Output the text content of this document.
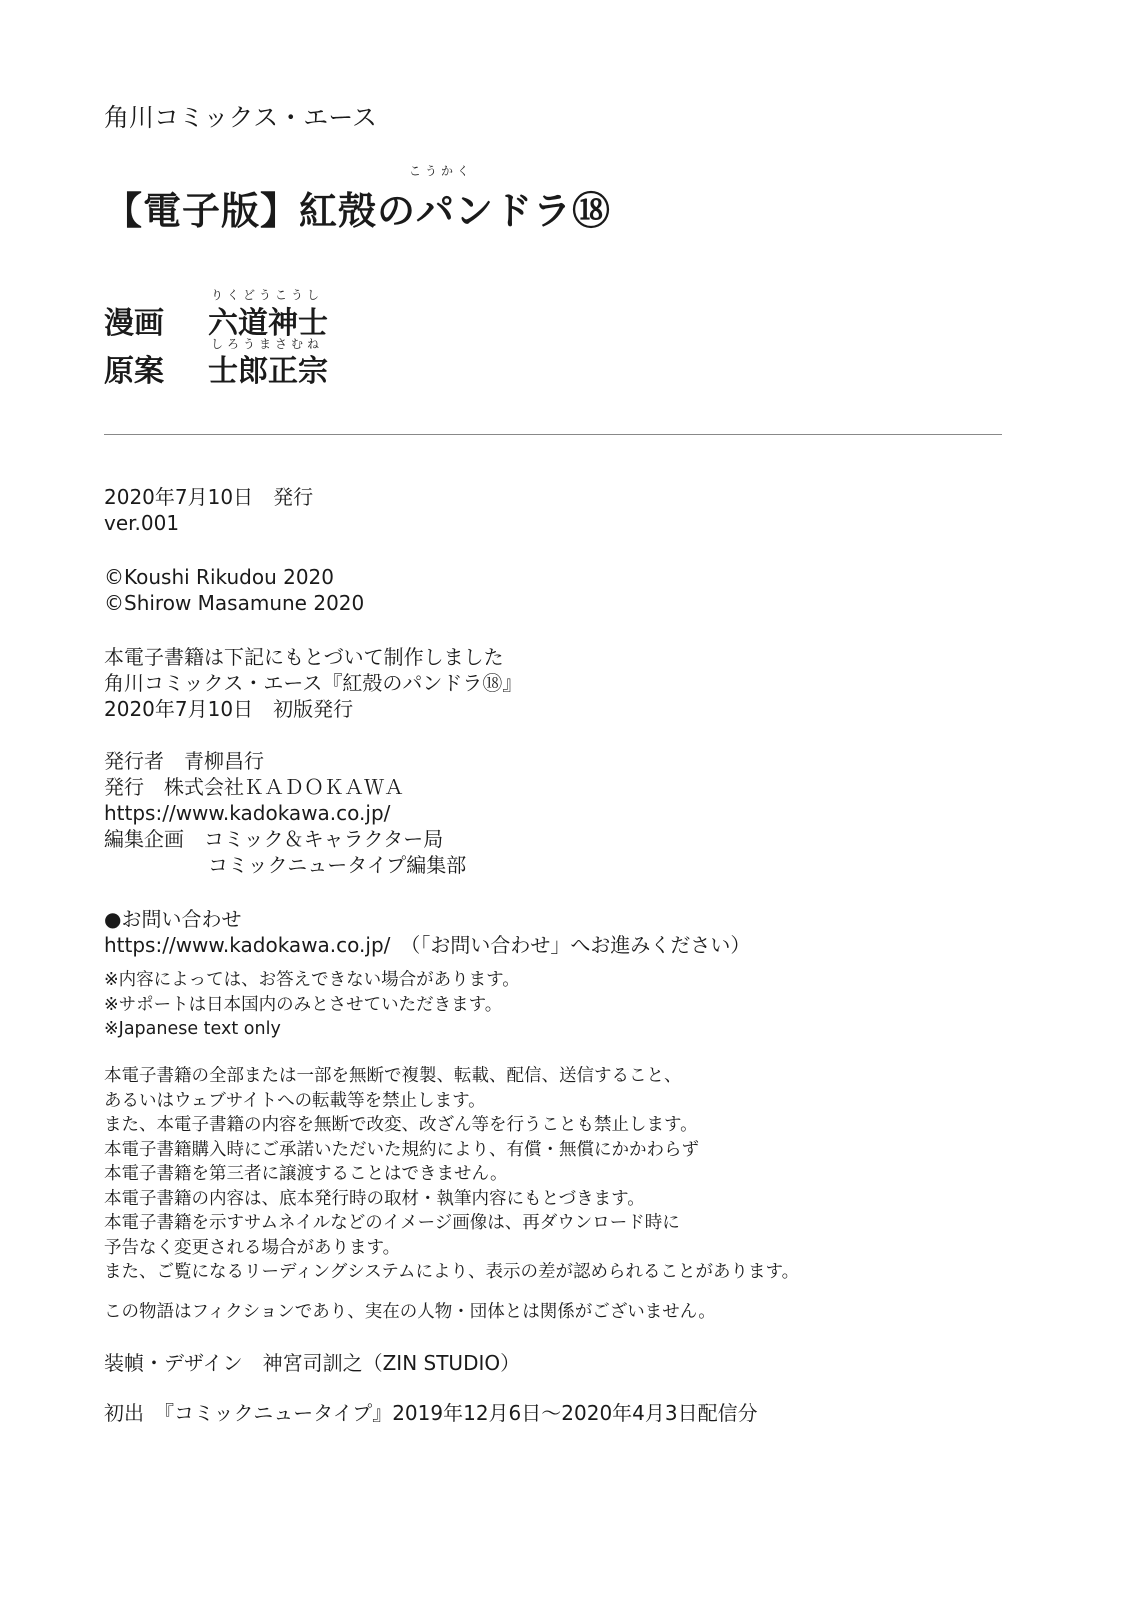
角川コミックス・エース
こうかく
【電子版】紅殻のパンドラ⑱
りくどうこうし
漫画 六道神士
しろうまさむね
原案 士郎正宗
2020年7月10日　発行
ver.001
©Koushi Rikudou 2020
©Shirow Masamune 2020
本電子書籍は下記にもとづいて制作しました
角川コミックス・エース『紅殻のパンドラ⑱』
2020年7月10日　初版発行
発行者　青柳昌行
発行　株式会社ＫＡＤＯＫＡＷＡ
https://www.kadokawa.co.jp/
編集企画　コミック＆キャラクター局
コミックニュータイプ編集部
●お問い合わせ
https://www.kadokawa.co.jp/　（「お問い合わせ」へお進みください）
※内容によっては、お答えできない場合があります。
※サポートは日本国内のみとさせていただきます。
※Japanese text only
本電子書籍の全部または一部を無断で複製、転載、配信、送信すること、
あるいはウェブサイトへの転載等を禁止します。
また、本電子書籍の内容を無断で改変、改ざん等を行うことも禁止します。
本電子書籍購入時にご承諾いただいた規約により、有償・無償にかかわらず
本電子書籍を第三者に譲渡することはできません。
本電子書籍の内容は、底本発行時の取材・執筆内容にもとづきます。
本電子書籍を示すサムネイルなどのイメージ画像は、再ダウンロード時に
予告なく変更される場合があります。
また、ご覧になるリーディングシステムにより、表示の差が認められることがあります。
この物語はフィクションであり、実在の人物・団体とは関係がございません。
装幀・デザイン　神宮司訓之（ZIN STUDIO）
初出　『コミックニュータイプ』2019年12月6日～2020年4月3日配信分
